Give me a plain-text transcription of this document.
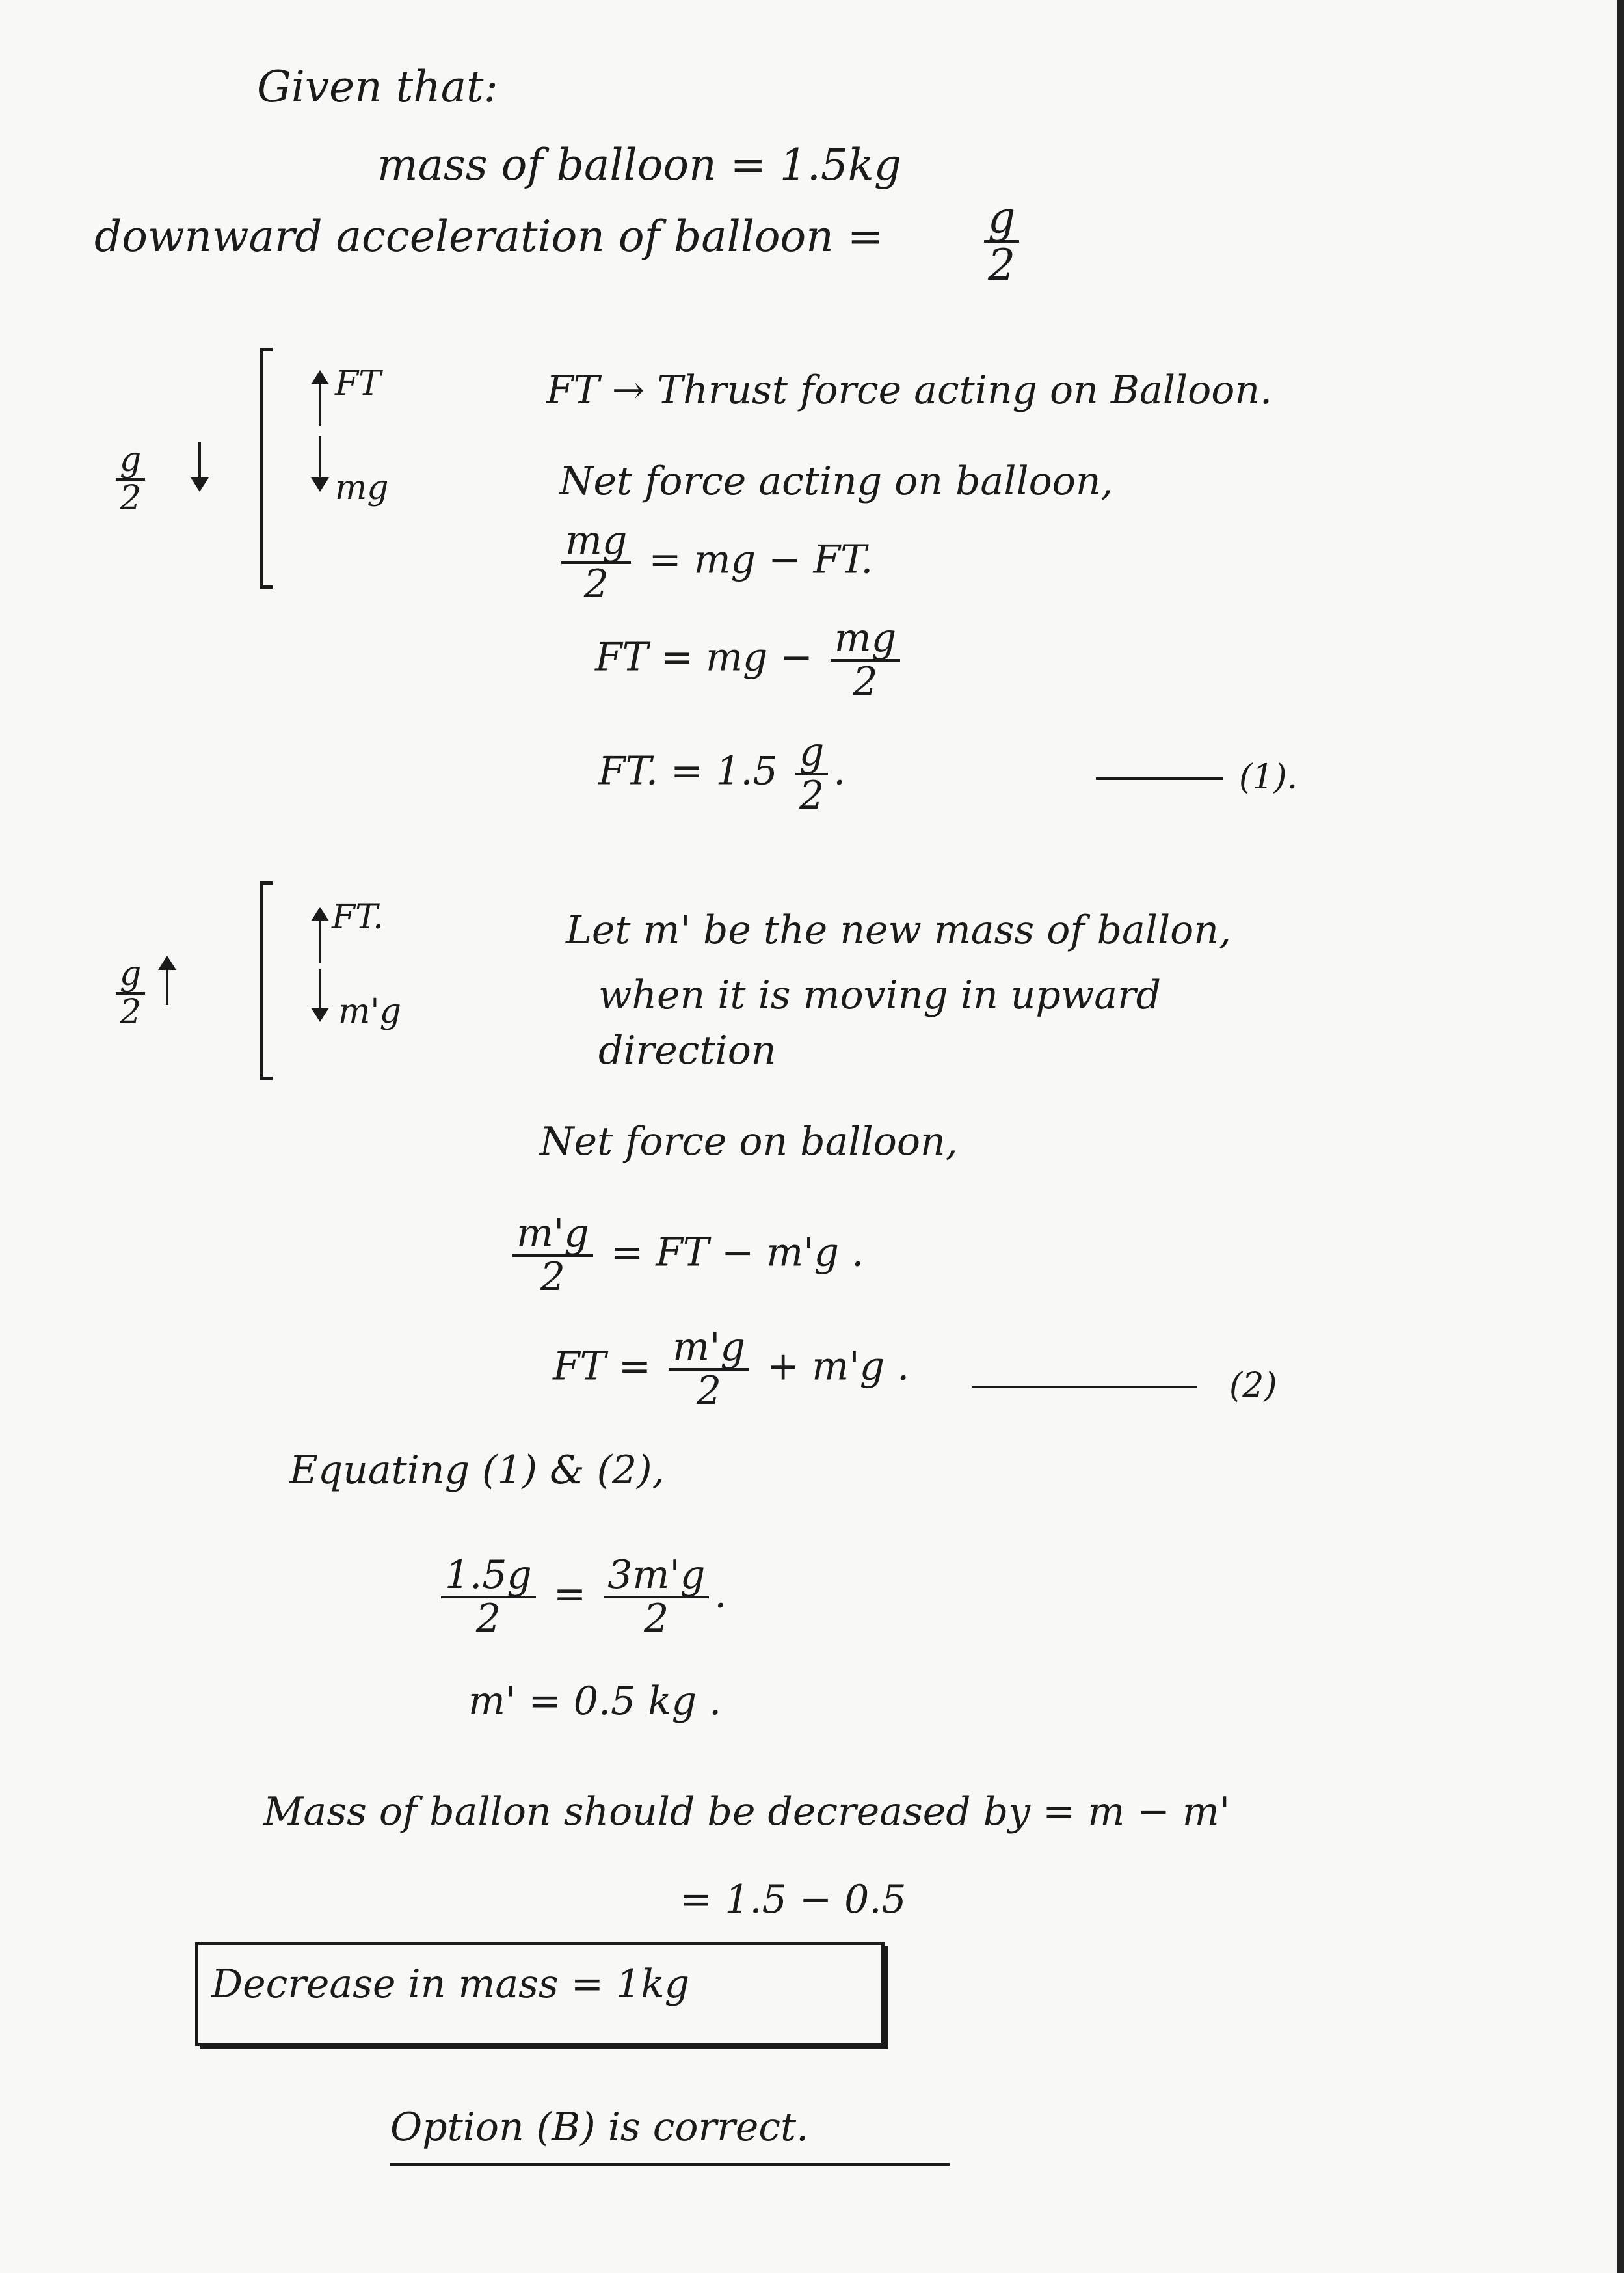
Given that:
mass of balloon = 1.5kg
downward acceleration of balloon = $\frac{g}{2}$
$\frac{g}{2}$
FT
mg
FT → Thrust force acting on Balloon.
Net force acting on balloon,
$\frac{mg}{2}$ = mg − FT.
FT = mg − $\frac{mg}{2}$
FT. = $1.5 \frac{g}{2}$ .	(1).
$\frac{g}{2}$
FT.
m'g
Let m' be the new mass of ballon,
when it is moving in upward
direction
Net force on balloon,
$\frac{m'g}{2}$ = FT − m'g .
FT = $\frac{m'g}{2} + m'g$ .	(2)
Equating (1) & (2),
$\frac{1.5g}{2} = \frac{3m'g}{2}$ .
m' = 0.5 kg .
Mass of ballon should be decreased by = m − m'
= 1.5 − 0.5
Decrease in mass = 1kg
Option (B) is correct.
